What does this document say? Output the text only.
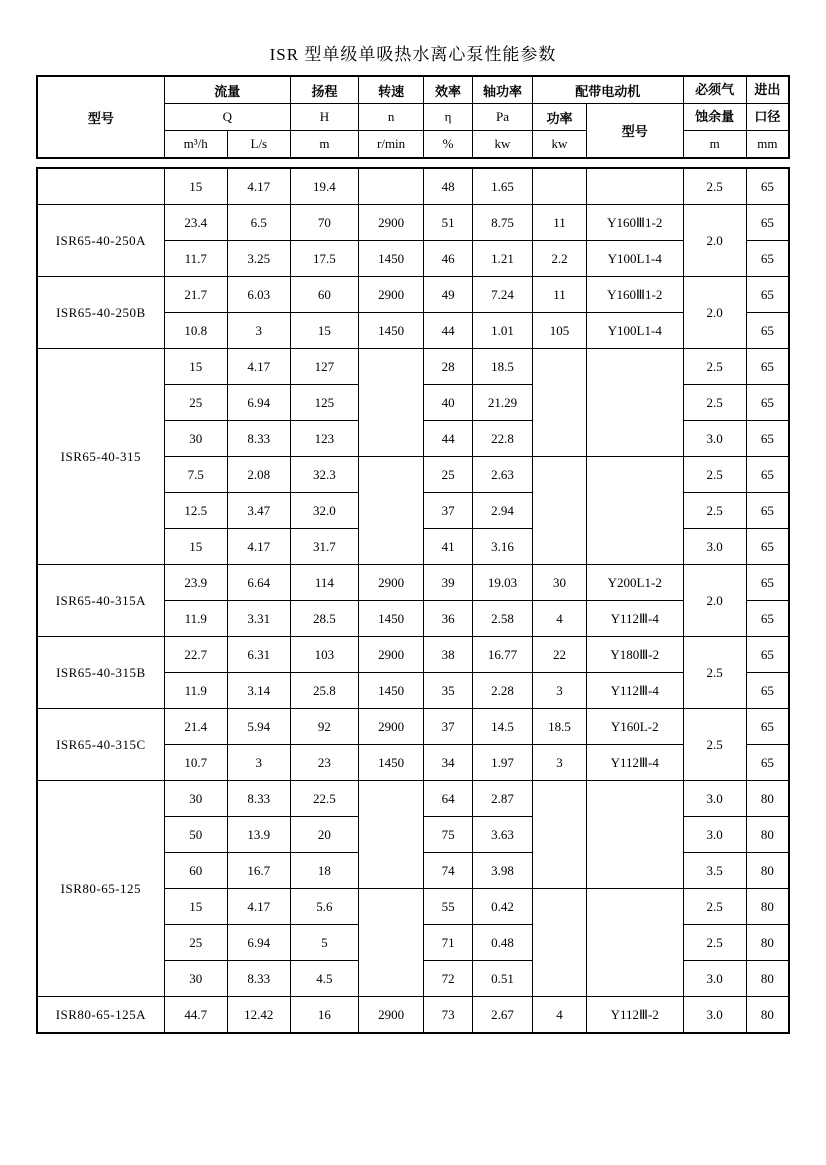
ISR 型单级单吸热水离心泵性能参数
型号	流量		扬程	转速	效率	轴功率	配带电动机		必须气	进出
	Q		H	n	η	Pa	功率	型号	蚀余量	口径
	m³/h	L/s	m	r/min	%	kw	kw		m	mm
	15	4.17	19.4		48	1.65			2.5	65
ISR65-40-250A	23.4	6.5	70	2900	51	8.75	11	Y160Ⅲ1-2	2.0	65
	11.7	3.25	17.5	1450	46	1.21	2.2	Y100L1-4		65
ISR65-40-250B	21.7	6.03	60	2900	49	7.24	11	Y160Ⅲ1-2	2.0	65
	10.8	3	15	1450	44	1.01	105	Y100L1-4		65
ISR65-40-315	15	4.17	127		28	18.5			2.5	65
	25	6.94	125		40	21.29			2.5	65
	30	8.33	123		44	22.8			3.0	65
	7.5	2.08	32.3		25	2.63			2.5	65
	12.5	3.47	32.0		37	2.94			2.5	65
	15	4.17	31.7		41	3.16			3.0	65
ISR65-40-315A	23.9	6.64	114	2900	39	19.03	30	Y200L1-2	2.0	65
	11.9	3.31	28.5	1450	36	2.58	4	Y112Ⅲ-4		65
ISR65-40-315B	22.7	6.31	103	2900	38	16.77	22	Y180Ⅲ-2	2.5	65
	11.9	3.14	25.8	1450	35	2.28	3	Y112Ⅲ-4		65
ISR65-40-315C	21.4	5.94	92	2900	37	14.5	18.5	Y160L-2	2.5	65
	10.7	3	23	1450	34	1.97	3	Y112Ⅲ-4		65
ISR80-65-125	30	8.33	22.5		64	2.87			3.0	80
	50	13.9	20		75	3.63			3.0	80
	60	16.7	18		74	3.98			3.5	80
	15	4.17	5.6		55	0.42			2.5	80
	25	6.94	5		71	0.48			2.5	80
	30	8.33	4.5		72	0.51			3.0	80
ISR80-65-125A	44.7	12.42	16	2900	73	2.67	4	Y112Ⅲ-2	3.0	80
